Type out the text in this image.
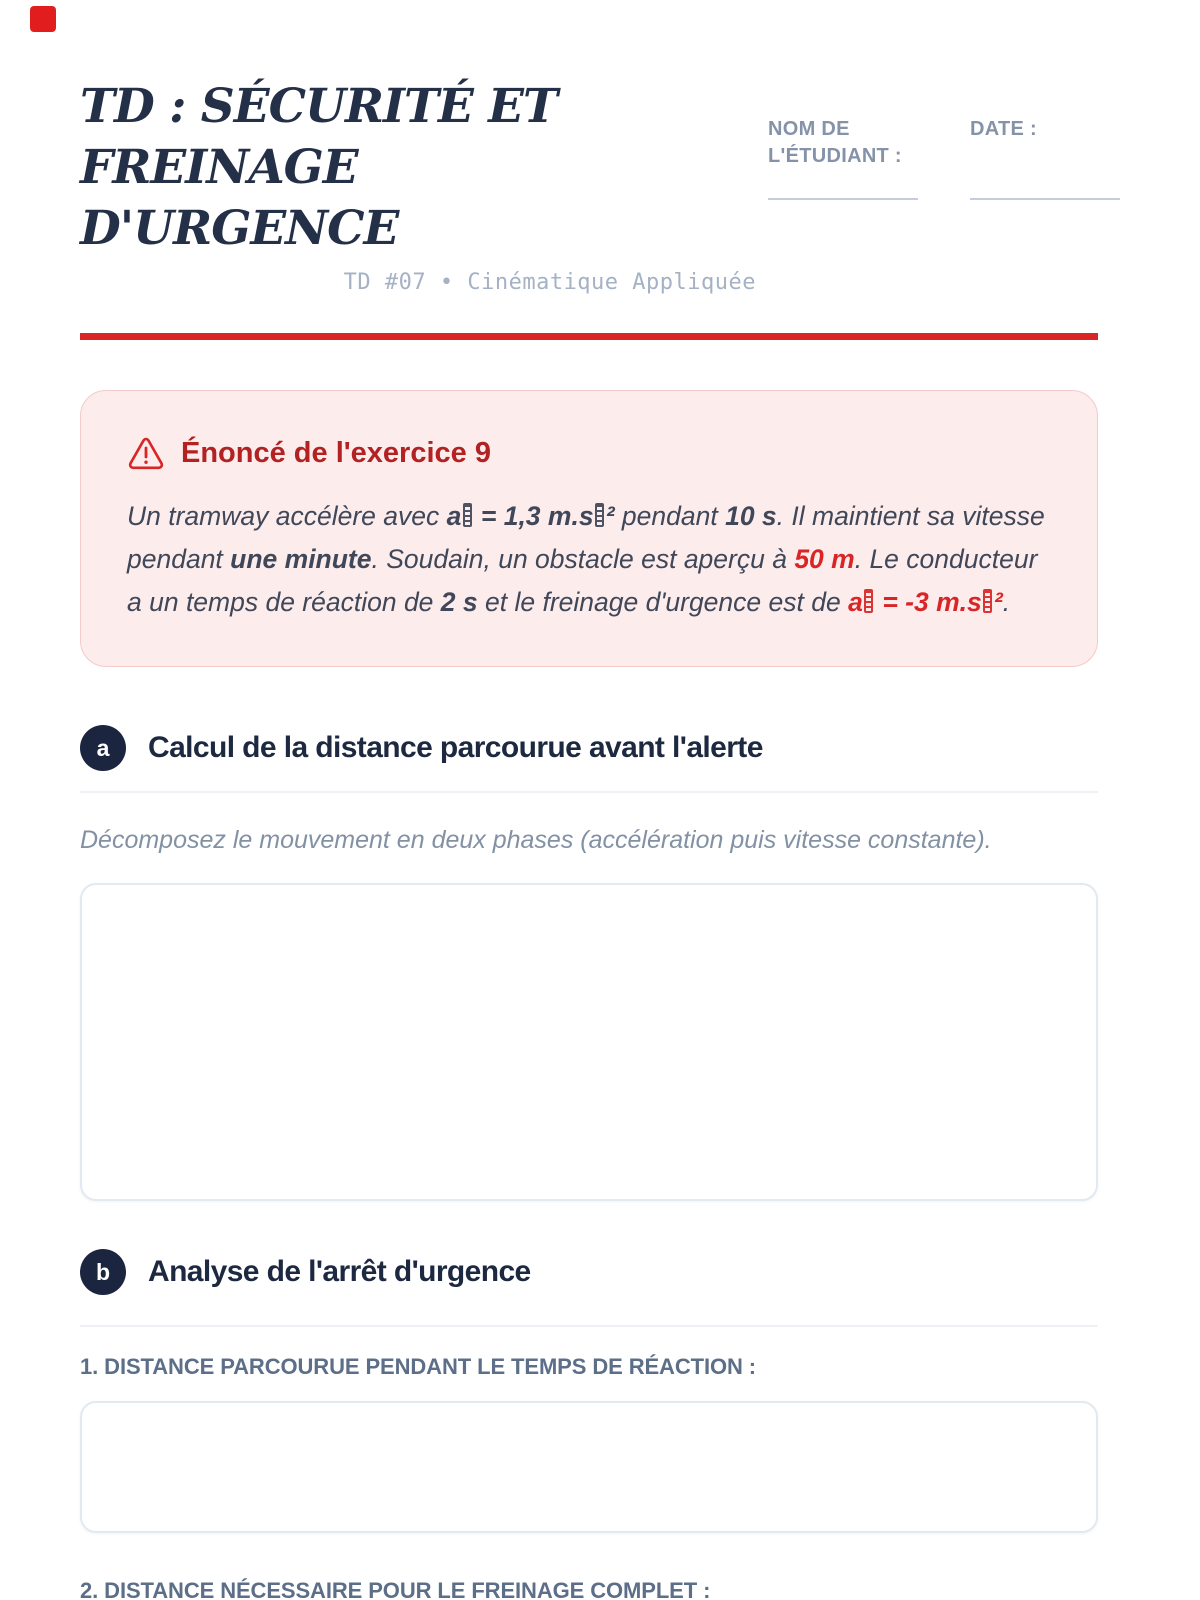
TD : SÉCURITÉ ET FREINAGE
D'URGENCE
TD #07 • Cinématique Appliquée
NOM DE L'ÉTUDIANT :
DATE :
Énoncé de l'exercice 9

Un tramway accélère avec a = 1,3 m.s ² pendant 10 s. Il maintient sa vitesse pendant une minute. Soudain, un obstacle est aperçu à 50 m. Le conducteur a un temps de réaction de 2 s et le freinage d'urgence est de a = -3 m.s ².

a	Calcul de la distance parcourue avant l'alerte
Décomposez le mouvement en deux phases (accélération puis vitesse constante).
b	Analyse de l'arrêt d'urgence
1. DISTANCE PARCOURUE PENDANT LE TEMPS DE RÉACTION :
2. DISTANCE NÉCESSAIRE POUR LE FREINAGE COMPLET :
